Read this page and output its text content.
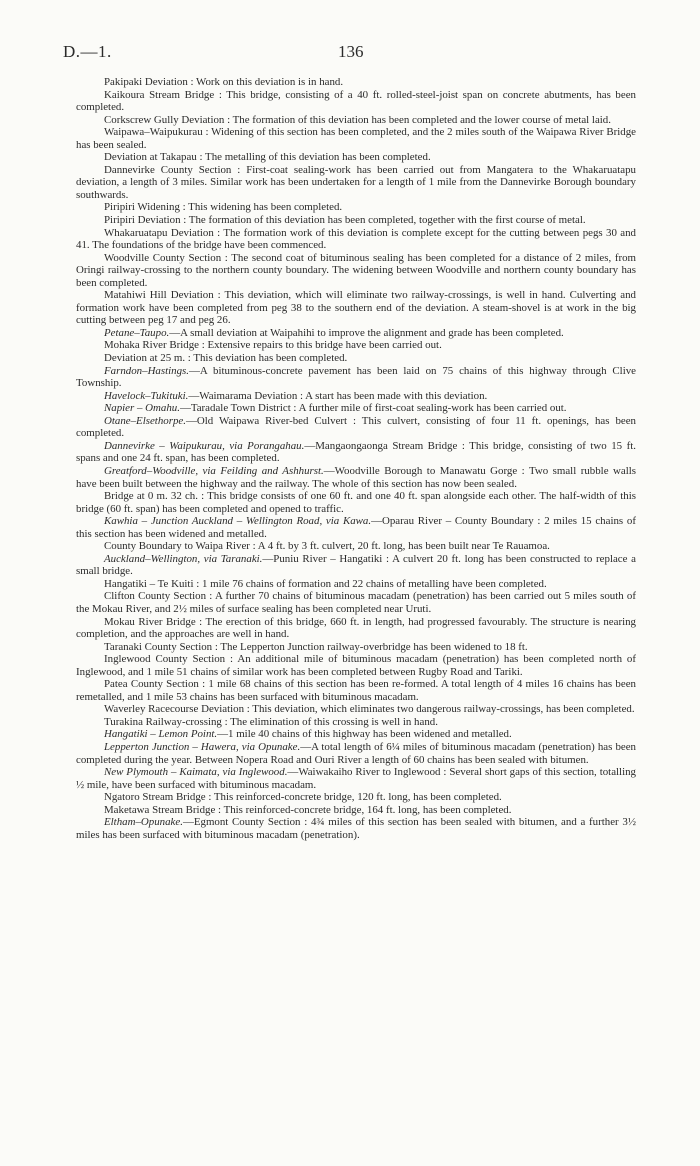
D.—1.	136

Pakipaki Deviation : Work on this deviation is in hand.

Kaikoura Stream Bridge : This bridge, consisting of a 40 ft. rolled-steel-joist span on concrete abutments, has been completed.

Corkscrew Gully Deviation : The formation of this deviation has been completed and the lower course of metal laid.

Waipawa–Waipukurau : Widening of this section has been completed, and the 2 miles south of the Waipawa River Bridge has been sealed.

Deviation at Takapau : The metalling of this deviation has been completed.

Dannevirke County Section : First-coat sealing-work has been carried out from Mangatera to the Whakaruatapu deviation, a length of 3 miles. Similar work has been undertaken for a length of 1 mile from the Dannevirke Borough boundary southwards.

Piripiri Widening : This widening has been completed.

Piripiri Deviation : The formation of this deviation has been completed, together with the first course of metal.

Whakaruatapu Deviation : The formation work of this deviation is complete except for the cutting between pegs 30 and 41. The foundations of the bridge have been commenced.

Woodville County Section : The second coat of bituminous sealing has been completed for a distance of 2 miles, from Oringi railway-crossing to the northern county boundary. The widening between Woodville and northern county boundary has been completed.

Matahiwi Hill Deviation : This deviation, which will eliminate two railway-crossings, is well in hand. Culverting and formation work have been completed from peg 38 to the southern end of the deviation. A steam-shovel is at work in the big cutting between peg 17 and peg 26.

Petane–Taupo.—A small deviation at Waipahihi to improve the alignment and grade has been completed.

Mohaka River Bridge : Extensive repairs to this bridge have been carried out.

Deviation at 25 m. : This deviation has been completed.

Farndon–Hastings.—A bituminous-concrete pavement has been laid on 75 chains of this highway through Clive Township.

Havelock–Tukituki.—Waimarama Deviation : A start has been made with this deviation.

Napier – Omahu.—Taradale Town District : A further mile of first-coat sealing-work has been carried out.

Otane–Elsethorpe.—Old Waipawa River-bed Culvert : This culvert, consisting of four 11 ft. openings, has been completed.

Dannevirke – Waipukurau, via Porangahau.—Mangaongaonga Stream Bridge : This bridge, consisting of two 15 ft. spans and one 24 ft. span, has been completed.

Greatford–Woodville, via Feilding and Ashhurst.—Woodville Borough to Manawatu Gorge : Two small rubble walls have been built between the highway and the railway. The whole of this section has now been sealed.

Bridge at 0 m. 32 ch. : This bridge consists of one 60 ft. and one 40 ft. span alongside each other. The half-width of this bridge (60 ft. span) has been completed and opened to traffic.

Kawhia – Junction Auckland – Wellington Road, via Kawa.—Oparau River – County Boundary : 2 miles 15 chains of this section has been widened and metalled.

County Boundary to Waipa River : A 4 ft. by 3 ft. culvert, 20 ft. long, has been built near Te Rauamoa.

Auckland–Wellington, via Taranaki.—Puniu River – Hangatiki : A culvert 20 ft. long has been constructed to replace a small bridge.

Hangatiki – Te Kuiti : 1 mile 76 chains of formation and 22 chains of metalling have been completed.

Clifton County Section : A further 70 chains of bituminous macadam (penetration) has been carried out 5 miles south of the Mokau River, and 2½ miles of surface sealing has been completed near Uruti.

Mokau River Bridge : The erection of this bridge, 660 ft. in length, had progressed favourably. The structure is nearing completion, and the approaches are well in hand.

Taranaki County Section : The Lepperton Junction railway-overbridge has been widened to 18 ft.

Inglewood County Section : An additional mile of bituminous macadam (penetration) has been completed north of Inglewood, and 1 mile 51 chains of similar work has been completed between Rugby Road and Tariki.

Patea County Section : 1 mile 68 chains of this section has been re-formed. A total length of 4 miles 16 chains has been remetalled, and 1 mile 53 chains has been surfaced with bituminous macadam.

Waverley Racecourse Deviation : This deviation, which eliminates two dangerous railway-crossings, has been completed.

Turakina Railway-crossing : The elimination of this crossing is well in hand.

Hangatiki – Lemon Point.—1 mile 40 chains of this highway has been widened and metalled.

Lepperton Junction – Hawera, via Opunake.—A total length of 6¼ miles of bituminous macadam (penetration) has been completed during the year. Between Nopera Road and Ouri River a length of 60 chains has been sealed with bitumen.

New Plymouth – Kaimata, via Inglewood.—Waiwakaiho River to Inglewood : Several short gaps of this section, totalling ½ mile, have been surfaced with bituminous macadam.

Ngatoro Stream Bridge : This reinforced-concrete bridge, 120 ft. long, has been completed.

Maketawa Stream Bridge : This reinforced-concrete bridge, 164 ft. long, has been completed.

Eltham–Opunake.—Egmont County Section : 4¾ miles of this section has been sealed with bitumen, and a further 3½ miles has been surfaced with bituminous macadam (penetration).
